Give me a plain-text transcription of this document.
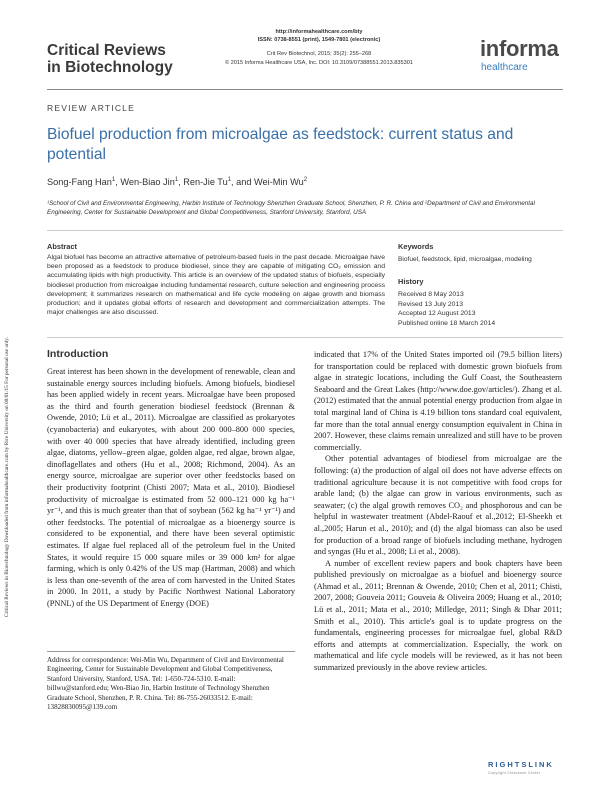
Critical Reviews
in Biotechnology
http://informahealthcare.com/bty
ISSN: 0738-8551 (print), 1549-7801 (electronic)
Crit Rev Biotechnol, 2015; 35(2): 255–268
© 2015 Informa Healthcare USA, Inc. DOI: 10.3109/07388551.2013.835301
informa
healthcare
REVIEW ARTICLE
Biofuel production from microalgae as feedstock: current status and potential
Song-Fang Han$^1$, Wen-Biao Jin$^1$, Ren-Jie Tu$^1$, and Wei-Min Wu$^2$
¹School of Civil and Environmental Engineering, Harbin Institute of Technology Shenzhen Graduate School, Shenzhen, P. R. China and ²Department of Civil and Environmental Engineering, Center for Sustainable Development and Global Competitiveness, Stanford University, Stanford, USA
Abstract
Algal biofuel has become an attractive alternative of petroleum-based fuels in the past decade. Microalgae have been proposed as a feedstock to produce biodiesel, since they are capable of mitigating CO₂ emission and accumulating lipids with high productivity. This article is an overview of the updated status of biofuels, especially biodiesel production from microalgae including fundamental research, culture selection and engineering process development; it summarizes research on mathematical and life cycle modeling on algae growth and biomass production; and it updates global efforts of research and development and commercialization attempts. The major challenges are also discussed.
Keywords
Biofuel, feedstock, lipid, microalgae, modeling
History
Received 8 May 2013
Revised 13 July 2013
Accepted 12 August 2013
Published online 18 March 2014
Introduction

Great interest has been shown in the development of renewable, clean and sustainable energy sources including biofuels. Among biofuels, biodiesel has been applied widely in recent years. Microalgae have been proposed as the third and fourth generation biodiesel feedstock (Brennan & Owende, 2010; Lü et al., 2011). Microalgae are classified as prokaryotes (cyanobacteria) and eukaryotes, with about 200 000–800 000 species, with over 40 000 species that have already identified, including green algae, diatoms, yellow–green algae, golden algae, red algae, brown algae, dinoflagellates and others (Hu et al., 2008; Richmond, 2004). As an energy source, microalgae are superior over other feedstocks based on their productivity footprint (Chisti 2007; Mata et al., 2010). Biodiesel productivity of microalgae is estimated from 52 000–121 000 kg ha⁻¹ yr⁻¹, and this is much greater than that of soybean (562 kg ha⁻¹ yr⁻¹) and other feedstocks. The potential of microalgae as a bioenergy source is considered to be exponential, and there have been several optimistic estimates. If algae fuel replaced all of the petroleum fuel in the United States, it would require 15 000 square miles or 39 000 km² for algae farming, which is only 0.42% of the US map (Hartman, 2008) and which is less than one-seventh of the area of corn harvested in the United States in 2000. In 2011, a study by Pacific Northwest National Laboratory (PNNL) of the US Department of Energy (DOE)

indicated that 17% of the United States imported oil (79.5 billion liters) for transportation could be replaced with domestic grown biofuels from algae in strategic locations, including the Gulf Coast, the Southeastern Seaboard and the Great Lakes (http://www.doe.gov/articles/). Zhang et al. (2012) estimated that the annual potential energy production from algae in total marginal land of China is 4.19 billion tons standard coal equivalent, far more than the total annual energy consumption equivalent in China in 2007. However, these claims remain unrealized and still have to be proven commercially.

Other potential advantages of biodiesel from microalgae are the following: (a) the production of algal oil does not have adverse effects on traditional agriculture because it is not competitive with food crops for arable land; (b) the algae can grow in various environments, such as seawater; (c) the algal growth removes CO₂ and phosphorous and can be helpful in wastewater treatment (Abdel-Raouf et al.,2012; El-Sheekh et al.,2005; Harun et al., 2010); and (d) the algal biomass can also be used for production of a broad range of biofuels including methane, hydrogen and syngas (Hu et al., 2008; Li et al., 2008).

A number of excellent review papers and book chapters have been published previously on microalgae as a biofuel and bioenergy source (Ahmad et al., 2011; Brennan & Owende, 2010; Chen et al, 2011; Chisti, 2007, 2008; Gouveia 2011; Gouveia & Oliveira 2009; Huang et al., 2010; Lü et al., 2011; Mata et al., 2010; Milledge, 2011; Singh & Dhar 2011; Smith et al., 2010). This article's goal is to update progress on the fundamentals, engineering processes for microalgae fuel, global R&D efforts and attempts at commercialization. Especially, the work on mathematical and life cycle models will be reviewed, as it has not been summarized previously in the above review articles.

Address for correspondence: Wei-Min Wu, Department of Civil and Environmental Engineering, Center for Sustainable Development and Global Competitiveness, Stanford University, Stanford, USA. Tel: 1-650-724-5310. E-mail: billwu@stanford.edu; Wen-Biao Jin, Harbin Institute of Technology Shenzhen Graduate School, Shenzhen, P. R. China. Tel: 86-755-26033512. E-mail: 13828830095@139.com
Critical Reviews in Biotechnology Downloaded from informahealthcare.com by Rice University on 08/01/15 For personal use only.
RIGHTSLINK
Copyright Clearance Center
